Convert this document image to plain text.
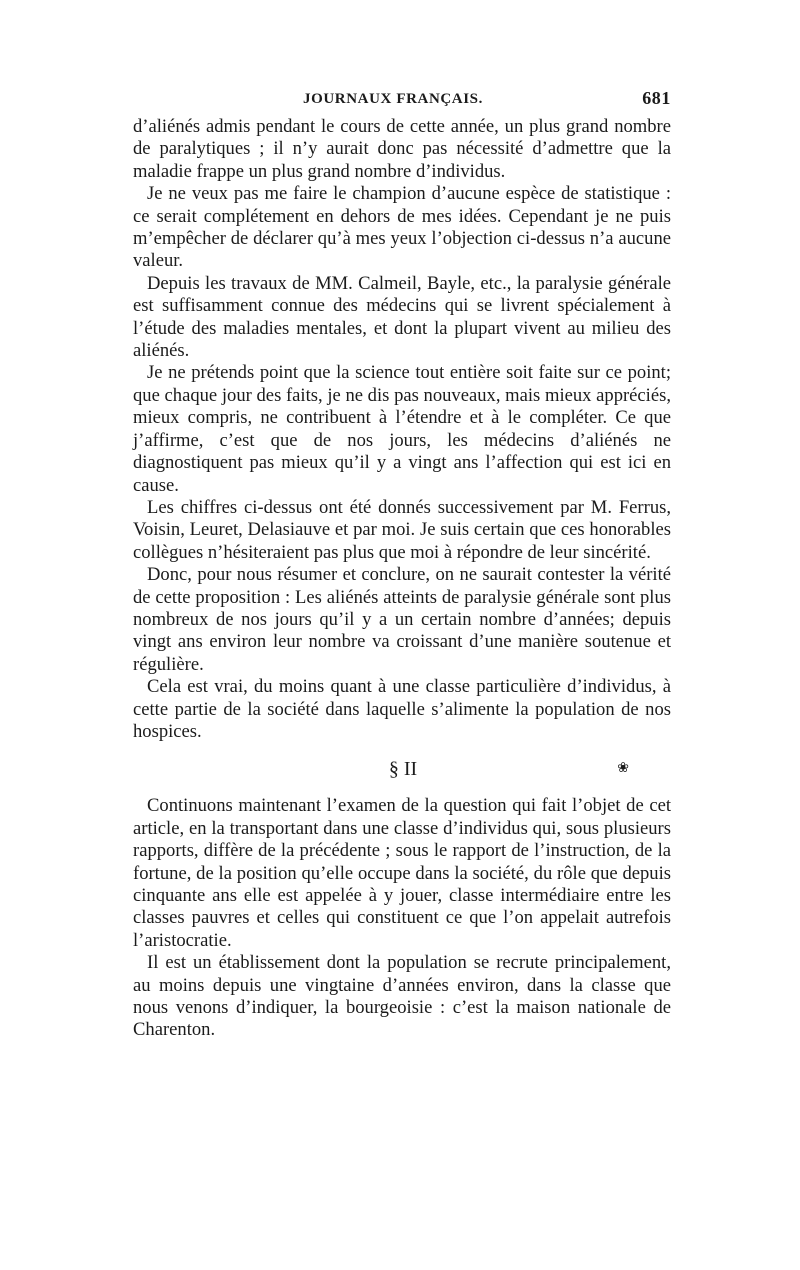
JOURNAUX FRANÇAIS.	681

d’aliénés admis pendant le cours de cette année, un plus grand nombre de paralytiques ; il n’y aurait donc pas nécessité d’admettre que la maladie frappe un plus grand nombre d’individus.

Je ne veux pas me faire le champion d’aucune espèce de statistique : ce serait complétement en dehors de mes idées. Cependant je ne puis m’empêcher de déclarer qu’à mes yeux l’objection ci-dessus n’a aucune valeur.

Depuis les travaux de MM. Calmeil, Bayle, etc., la paralysie générale est suffisamment connue des médecins qui se livrent spécialement à l’étude des maladies mentales, et dont la plupart vivent au milieu des aliénés.

Je ne prétends point que la science tout entière soit faite sur ce point; que chaque jour des faits, je ne dis pas nouveaux, mais mieux appréciés, mieux compris, ne contribuent à l’étendre et à le compléter. Ce que j’affirme, c’est que de nos jours, les médecins d’aliénés ne diagnostiquent pas mieux qu’il y a vingt ans l’affection qui est ici en cause.

Les chiffres ci-dessus ont été donnés successivement par M. Ferrus, Voisin, Leuret, Delasiauve et par moi. Je suis certain que ces honorables collègues n’hésiteraient pas plus que moi à répondre de leur sincérité.

Donc, pour nous résumer et conclure, on ne saurait contester la vérité de cette proposition : Les aliénés atteints de paralysie générale sont plus nombreux de nos jours qu’il y a un certain nombre d’années; depuis vingt ans environ leur nombre va croissant d’une manière soutenue et régulière.

Cela est vrai, du moins quant à une classe particulière d’individus, à cette partie de la société dans laquelle s’alimente la population de nos hospices.

§ II	❀

Continuons maintenant l’examen de la question qui fait l’objet de cet article, en la transportant dans une classe d’individus qui, sous plusieurs rapports, diffère de la précédente ; sous le rapport de l’instruction, de la fortune, de la position qu’elle occupe dans la société, du rôle que depuis cinquante ans elle est appelée à y jouer, classe intermédiaire entre les classes pauvres et celles qui constituent ce que l’on appelait autrefois l’aristocratie.

Il est un établissement dont la population se recrute principalement, au moins depuis une vingtaine d’années environ, dans la classe que nous venons d’indiquer, la bourgeoisie : c’est la maison nationale de Charenton.
